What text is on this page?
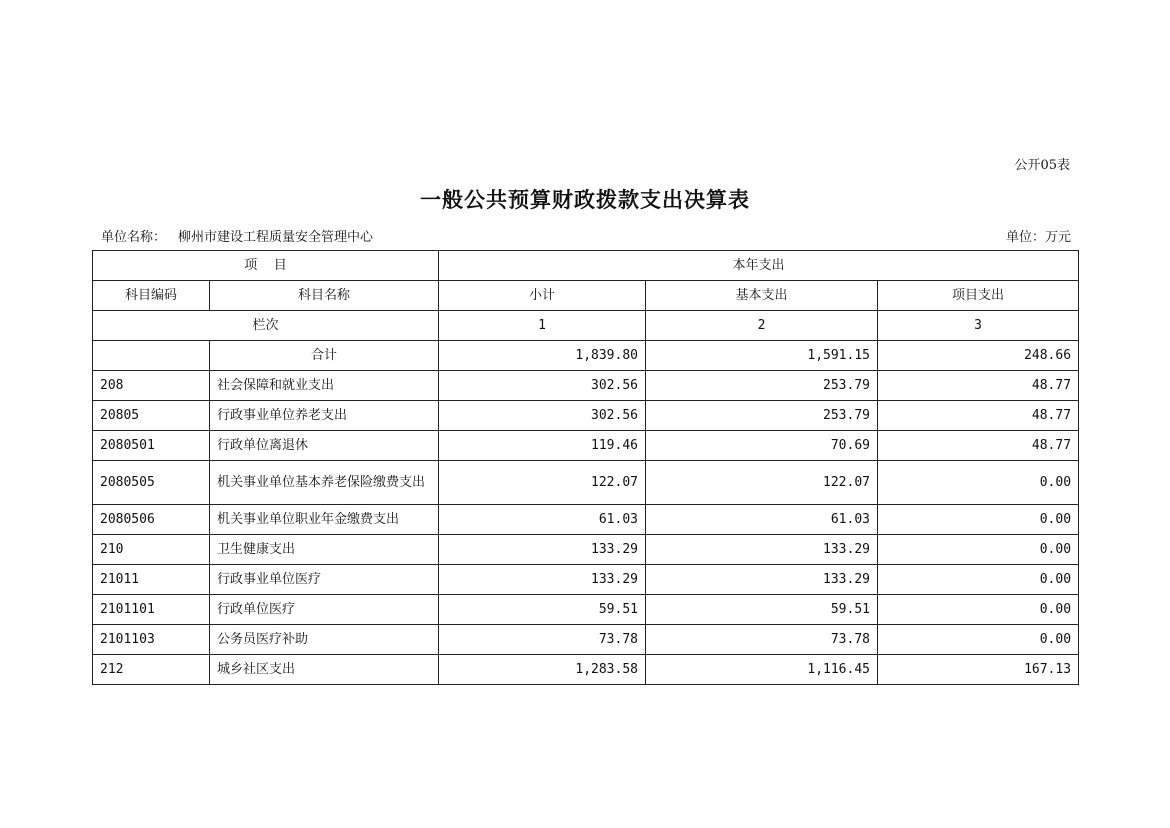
公开05表
一般公共预算财政拨款支出决算表
单位名称： 柳州市建设工程质量安全管理中心	单位：万元
项    目		本年支出		
科目编码	科目名称	小计	基本支出	项目支出
栏次		1	2	3
	合计	1,839.80	1,591.15	248.66
208	社会保障和就业支出	302.56	253.79	48.77
20805	行政事业单位养老支出	302.56	253.79	48.77
2080501	行政单位离退休	119.46	70.69	48.77
2080505	机关事业单位基本养老保险缴费支出	122.07	122.07	0.00
2080506	机关事业单位职业年金缴费支出	61.03	61.03	0.00
210	卫生健康支出	133.29	133.29	0.00
21011	行政事业单位医疗	133.29	133.29	0.00
2101101	行政单位医疗	59.51	59.51	0.00
2101103	公务员医疗补助	73.78	73.78	0.00
212	城乡社区支出	1,283.58	1,116.45	167.13
